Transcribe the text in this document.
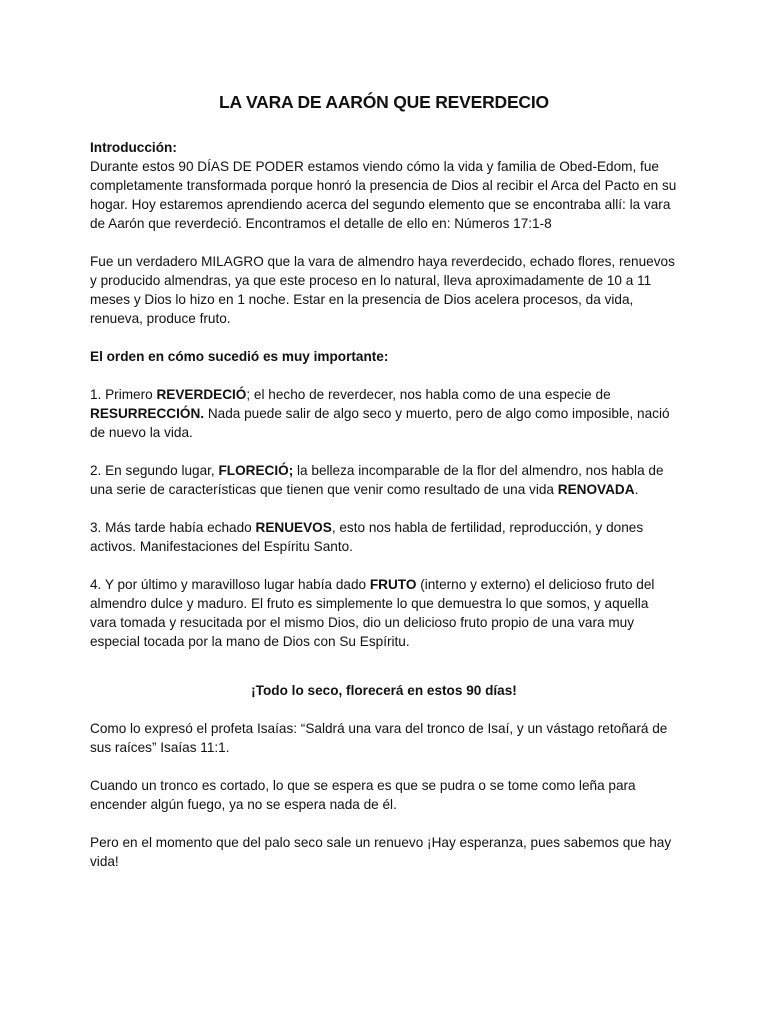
LA VARA DE AARÓN QUE REVERDECIO

Introducción:
Durante estos 90 DÍAS DE PODER estamos viendo cómo la vida y familia de Obed-Edom, fue completamente transformada porque honró la presencia de Dios al recibir el Arca del Pacto en su hogar. Hoy estaremos aprendiendo acerca del segundo elemento que se encontraba allí: la vara de Aarón que reverdeció. Encontramos el detalle de ello en: Números 17:1-8

Fue un verdadero MILAGRO que la vara de almendro haya reverdecido, echado flores, renuevos y producido almendras, ya que este proceso en lo natural, lleva aproximadamente de 10 a 11 meses y Dios lo hizo en 1 noche. Estar en la presencia de Dios acelera procesos, da vida, renueva, produce fruto.

El orden en cómo sucedió es muy importante:

1. Primero REVERDECIÓ; el hecho de reverdecer, nos habla como de una especie de RESURRECCIÓN. Nada puede salir de algo seco y muerto, pero de algo como imposible, nació de nuevo la vida.

2. En segundo lugar, FLORECIÓ; la belleza incomparable de la flor del almendro, nos habla de una serie de características que tienen que venir como resultado de una vida RENOVADA.

3. Más tarde había echado RENUEVOS, esto nos habla de fertilidad, reproducción, y dones activos. Manifestaciones del Espíritu Santo.

4. Y por último y maravilloso lugar había dado FRUTO (interno y externo) el delicioso fruto del almendro dulce y maduro. El fruto es simplemente lo que demuestra lo que somos, y aquella vara tomada y resucitada por el mismo Dios, dio un delicioso fruto propio de una vara muy especial tocada por la mano de Dios con Su Espíritu.

¡Todo lo seco, florecerá en estos 90 días!

Como lo expresó el profeta Isaías: “Saldrá una vara del tronco de Isaí, y un vástago retoñará de sus raíces” Isaías 11:1.

Cuando un tronco es cortado, lo que se espera es que se pudra o se tome como leña para encender algún fuego, ya no se espera nada de él.

Pero en el momento que del palo seco sale un renuevo ¡Hay esperanza, pues sabemos que hay vida!
